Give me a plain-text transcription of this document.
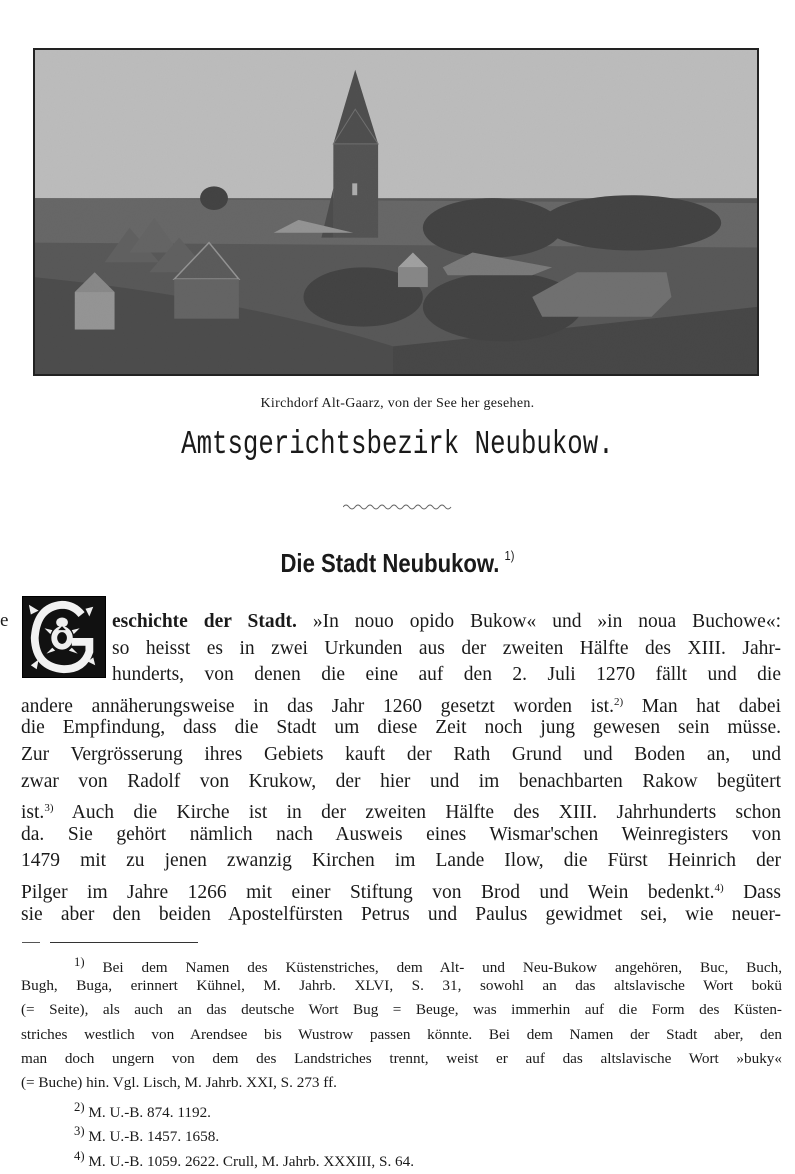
Kirchdorf Alt-Gaarz, von der See her gesehen.
Amtsgerichtsbezirk Neubukow.
Die Stadt Neubukow. $^{1)}$
e	eschichte der Stadt. »In nouo opido Bukow« und »in noua Buchowe«:
so heisst es in zwei Urkunden aus der zweiten Hälfte des XIII. Jahr-
hunderts, von denen die eine auf den 2. Juli 1270 fällt und die
andere annäherungsweise in das Jahr 1260 gesetzt worden ist.$^{2)}$ Man hat dabei
die Empfindung, dass die Stadt um diese Zeit noch jung gewesen sein müsse.
Zur Vergrösserung ihres Gebiets kauft der Rath Grund und Boden an, und
zwar von Radolf von Krukow, der hier und im benachbarten Rakow begütert
ist.$^{3)}$ Auch die Kirche ist in der zweiten Hälfte des XIII. Jahrhunderts schon
da. Sie gehört nämlich nach Ausweis eines Wismar'schen Weinregisters von
1479 mit zu jenen zwanzig Kirchen im Lande Ilow, die Fürst Heinrich der
Pilger im Jahre 1266 mit einer Stiftung von Brod und Wein bedenkt.$^{4)}$ Dass
sie aber den beiden Apostelfürsten Petrus und Paulus gewidmet sei, wie neuer-
$^{1)}$ Bei dem Namen des Küstenstriches, dem Alt- und Neu-Bukow angehören, Buc, Buch,
Bugh, Buga, erinnert Kühnel, M. Jahrb. XLVI, S. 31, sowohl an das altslavische Wort bokü
(= Seite), als auch an das deutsche Wort Bug = Beuge, was immerhin auf die Form des Küsten-
striches westlich von Arendsee bis Wustrow passen könnte. Bei dem Namen der Stadt aber, den
man doch ungern von dem des Landstriches trennt, weist er auf das altslavische Wort »buky«
(= Buche) hin. Vgl. Lisch, M. Jahrb. XXI, S. 273 ff.
$^{2)}$ M. U.-B. 874. 1192.
$^{3)}$ M. U.-B. 1457. 1658.
$^{4)}$ M. U.-B. 1059. 2622. Crull, M. Jahrb. XXXIII, S. 64.
